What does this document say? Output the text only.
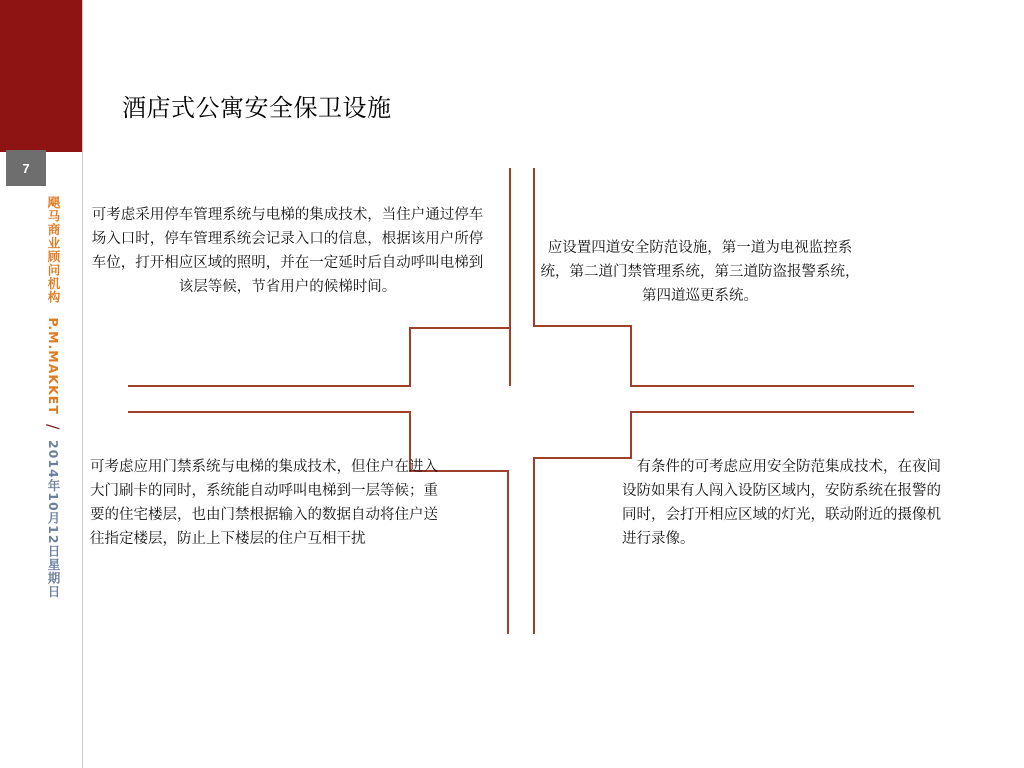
7
飓马商业顾问机构　P.M.MAKKET / 2014年10月12日星期日
酒店式公寓安全保卫设施
可考虑采用停车管理系统与电梯的集成技术，当住户通过停车场入口时，停车管理系统会记录入口的信息，根据该用户所停车位，打开相应区域的照明，并在一定延时后自动呼叫电梯到该层等候，节省用户的候梯时间。
应设置四道安全防范设施，第一道为电视监控系统，第二道门禁管理系统，第三道防盗报警系统，第四道巡更系统。
可考虑应用门禁系统与电梯的集成技术，但住户在进入大门刷卡的同时，系统能自动呼叫电梯到一层等候；重要的住宅楼层，也由门禁根据输入的数据自动将住户送往指定楼层，防止上下楼层的住户互相干扰
　有条件的可考虑应用安全防范集成技术，在夜间设防如果有人闯入设防区域内，安防系统在报警的同时，会打开相应区域的灯光，联动附近的摄像机进行录像。
